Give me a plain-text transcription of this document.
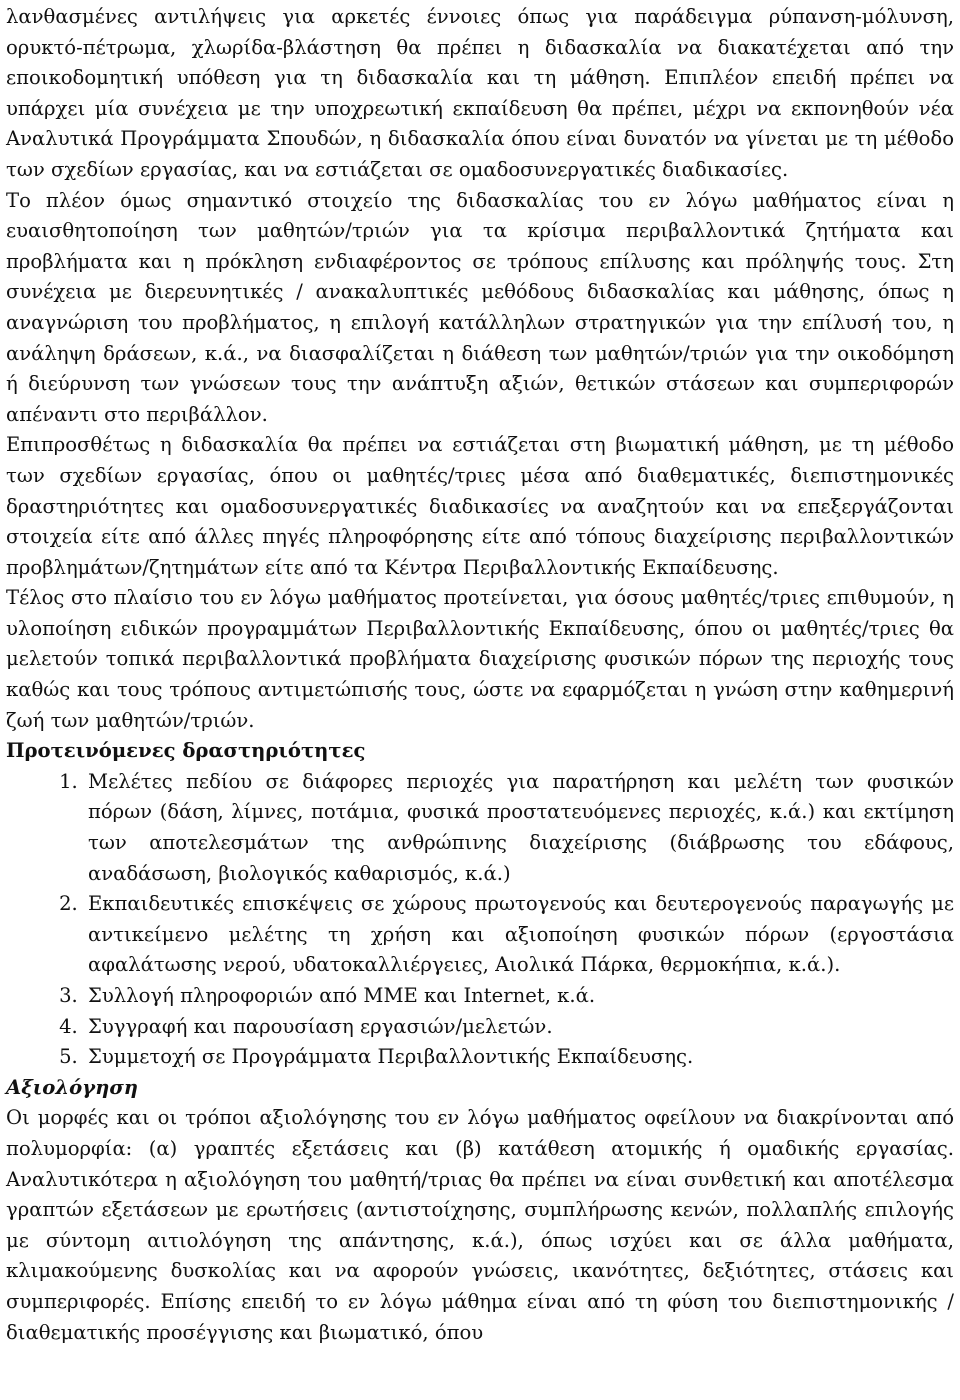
λανθασμένες αντιλήψεις για αρκετές έννοιες όπως για παράδειγμα ρύπανση-μόλυνση, ορυκτό-πέτρωμα, χλωρίδα-βλάστηση θα πρέπει η διδασκαλία να διακατέχεται από την εποικοδομητική υπόθεση για τη διδασκαλία και τη μάθηση. Επιπλέον επειδή πρέπει να υπάρχει μία συνέχεια με την υποχρεωτική εκπαίδευση θα πρέπει, μέχρι να εκπονηθούν νέα Αναλυτικά Προγράμματα Σπουδών, η διδασκαλία όπου είναι δυνατόν να γίνεται με τη μέθοδο των σχεδίων εργασίας, και να εστιάζεται σε ομαδοσυνεργατικές διαδικασίες.

Το πλέον όμως σημαντικό στοιχείο της διδασκαλίας του εν λόγω μαθήματος είναι η ευαισθητοποίηση των μαθητών/τριών για τα κρίσιμα περιβαλλοντικά ζητήματα και προβλήματα και η πρόκληση ενδιαφέροντος σε τρόπους επίλυσης και πρόληψής τους. Στη συνέχεια με διερευνητικές / ανακαλυπτικές μεθόδους διδασκαλίας και μάθησης, όπως η αναγνώριση του προβλήματος, η επιλογή κατάλληλων στρατηγικών για την επίλυσή του, η ανάληψη δράσεων, κ.ά., να διασφαλίζεται η διάθεση των μαθητών/τριών για την οικοδόμηση ή διεύρυνση των γνώσεων τους την ανάπτυξη αξιών, θετικών στάσεων και συμπεριφορών απέναντι στο περιβάλλον.

Επιπροσθέτως η διδασκαλία θα πρέπει να εστιάζεται στη βιωματική μάθηση, με τη μέθοδο των σχεδίων εργασίας, όπου οι μαθητές/τριες μέσα από διαθεματικές, διεπιστημονικές δραστηριότητες και ομαδοσυνεργατικές διαδικασίες να αναζητούν και να επεξεργάζονται στοιχεία είτε από άλλες πηγές πληροφόρησης είτε από τόπους διαχείρισης περιβαλλοντικών προβλημάτων/ζητημάτων είτε από τα Κέντρα Περιβαλλοντικής Εκπαίδευσης.

Τέλος στο πλαίσιο του εν λόγω μαθήματος προτείνεται, για όσους μαθητές/τριες επιθυμούν, η υλοποίηση ειδικών προγραμμάτων Περιβαλλοντικής Εκπαίδευσης, όπου οι μαθητές/τριες θα μελετούν τοπικά περιβαλλοντικά προβλήματα διαχείρισης φυσικών πόρων της περιοχής τους καθώς και τους τρόπους αντιμετώπισής τους, ώστε να εφαρμόζεται η γνώση στην καθημερινή ζωή των μαθητών/τριών.

Προτεινόμενες δραστηριότητες
1. Μελέτες πεδίου σε διάφορες περιοχές για παρατήρηση και μελέτη των φυσικών πόρων (δάση, λίμνες, ποτάμια, φυσικά προστατευόμενες περιοχές, κ.ά.) και εκτίμηση των αποτελεσμάτων της ανθρώπινης διαχείρισης (διάβρωσης του εδάφους, αναδάσωση, βιολογικός καθαρισμός, κ.ά.)
2. Εκπαιδευτικές επισκέψεις σε χώρους πρωτογενούς και δευτερογενούς παραγωγής με αντικείμενο μελέτης τη χρήση και αξιοποίηση φυσικών πόρων (εργοστάσια αφαλάτωσης νερού, υδατοκαλλιέργειες, Αιολικά Πάρκα, θερμοκήπια, κ.ά.).
3. Συλλογή πληροφοριών από ΜΜΕ και Internet, κ.ά.
4. Συγγραφή και παρουσίαση εργασιών/μελετών.
5. Συμμετοχή σε Προγράμματα Περιβαλλοντικής Εκπαίδευσης.
Αξιολόγηση

Οι μορφές και οι τρόποι αξιολόγησης του εν λόγω μαθήματος οφείλουν να διακρίνονται από πολυμορφία: (α) γραπτές εξετάσεις και (β) κατάθεση ατομικής ή ομαδικής εργασίας. Αναλυτικότερα η αξιολόγηση του μαθητή/τριας θα πρέπει να είναι συνθετική και αποτέλεσμα γραπτών εξετάσεων με ερωτήσεις (αντιστοίχησης, συμπλήρωσης κενών, πολλαπλής επιλογής με σύντομη αιτιολόγηση της απάντησης, κ.ά.), όπως ισχύει και σε άλλα μαθήματα, κλιμακούμενης δυσκολίας και να αφορούν γνώσεις, ικανότητες, δεξιότητες, στάσεις και συμπεριφορές. Επίσης επειδή το εν λόγω μάθημα είναι από τη φύση του διεπιστημονικής /διαθεματικής προσέγγισης και βιωματικό, όπου
